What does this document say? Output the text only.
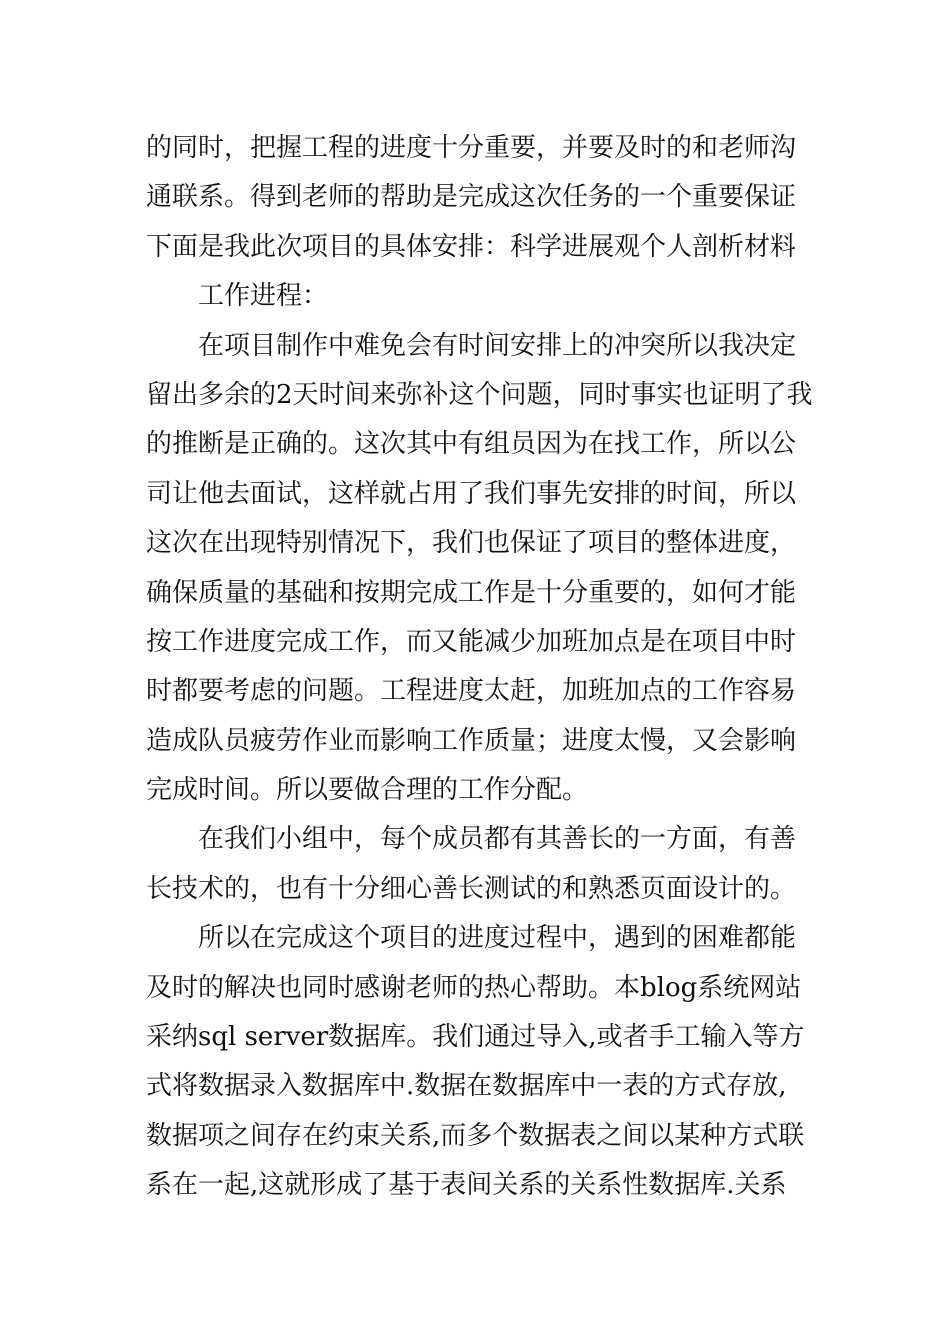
的同时，把握工程的进度十分重要，并要及时的和老师沟
通联系。得到老师的帮助是完成这次任务的一个重要保证
下面是我此次项目的具体安排：科学进展观个人剖析材料
工作进程：
在项目制作中难免会有时间安排上的冲突所以我决定
留出多余的2天时间来弥补这个问题，同时事实也证明了我
的推断是正确的。这次其中有组员因为在找工作，所以公
司让他去面试，这样就占用了我们事先安排的时间，所以
这次在出现特别情况下，我们也保证了项目的整体进度，
确保质量的基础和按期完成工作是十分重要的，如何才能
按工作进度完成工作，而又能减少加班加点是在项目中时
时都要考虑的问题。工程进度太赶，加班加点的工作容易
造成队员疲劳作业而影响工作质量；进度太慢，又会影响
完成时间。所以要做合理的工作分配。
在我们小组中，每个成员都有其善长的一方面，有善
长技术的，也有十分细心善长测试的和熟悉页面设计的。
所以在完成这个项目的进度过程中，遇到的困难都能
及时的解决也同时感谢老师的热心帮助。本blog系统网站
采纳sql server数据库。我们通过导入,或者手工输入等方
式将数据录入数据库中.数据在数据库中一表的方式存放,
数据项之间存在约束关系,而多个数据表之间以某种方式联
系在一起,这就形成了基于表间关系的关系性数据库.关系
